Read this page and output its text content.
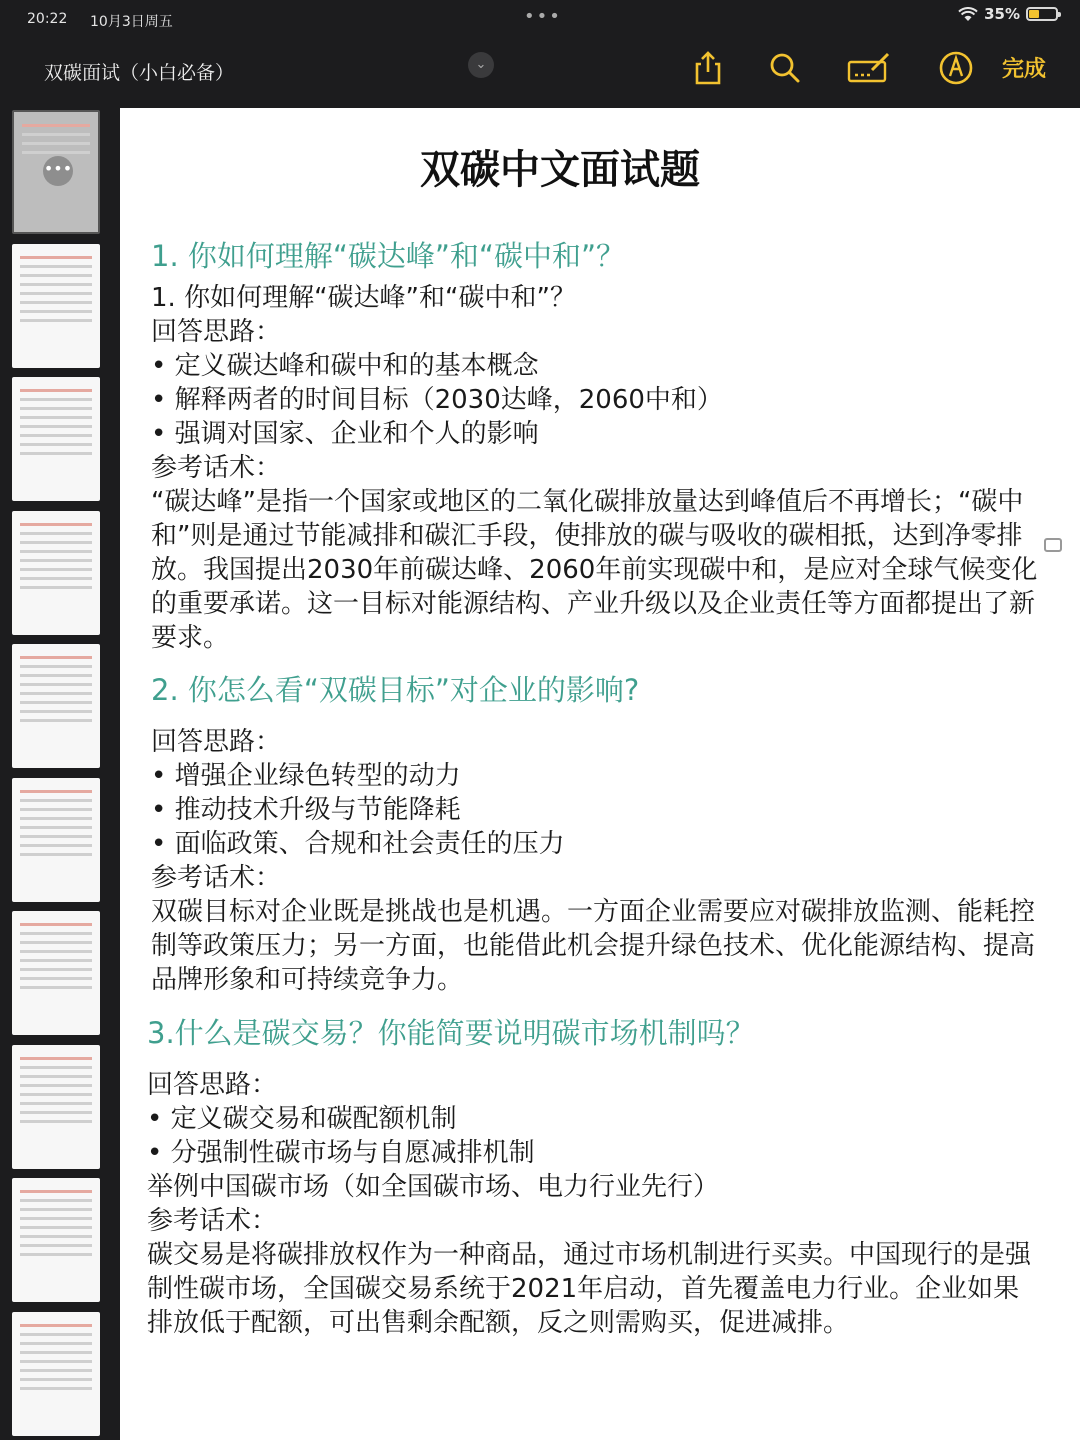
20:22 10月3日周五	•••	35%
双碳面试（小白必备）	⌄	完成
•••	双碳中文面试题

1. 你如何理解“碳达峰”和“碳中和”？

1. 你如何理解“碳达峰”和“碳中和”？

回答思路：

• 定义碳达峰和碳中和的基本概念

• 解释两者的时间目标（2030达峰，2060中和）

• 强调对国家、企业和个人的影响

参考话术：

“碳达峰”是指一个国家或地区的二氧化碳排放量达到峰值后不再增长；“碳中和”则是通过节能减排和碳汇手段，使排放的碳与吸收的碳相抵，达到净零排放。我国提出2030年前碳达峰、2060年前实现碳中和，是应对全球气候变化的重要承诺。这一目标对能源结构、产业升级以及企业责任等方面都提出了新要求。

2. 你怎么看“双碳目标”对企业的影响?

回答思路：

• 增强企业绿色转型的动力

• 推动技术升级与节能降耗

• 面临政策、合规和社会责任的压力

参考话术：

双碳目标对企业既是挑战也是机遇。一方面企业需要应对碳排放监测、能耗控制等政策压力；另一方面，也能借此机会提升绿色技术、优化能源结构、提高品牌形象和可持续竞争力。

3.什么是碳交易？你能简要说明碳市场机制吗？

回答思路：

• 定义碳交易和碳配额机制

• 分强制性碳市场与自愿减排机制

举例中国碳市场（如全国碳市场、电力行业先行）

参考话术：

碳交易是将碳排放权作为一种商品，通过市场机制进行买卖。中国现行的是强制性碳市场，全国碳交易系统于2021年启动，首先覆盖电力行业。企业如果排放低于配额，可出售剩余配额，反之则需购买，促进减排。
